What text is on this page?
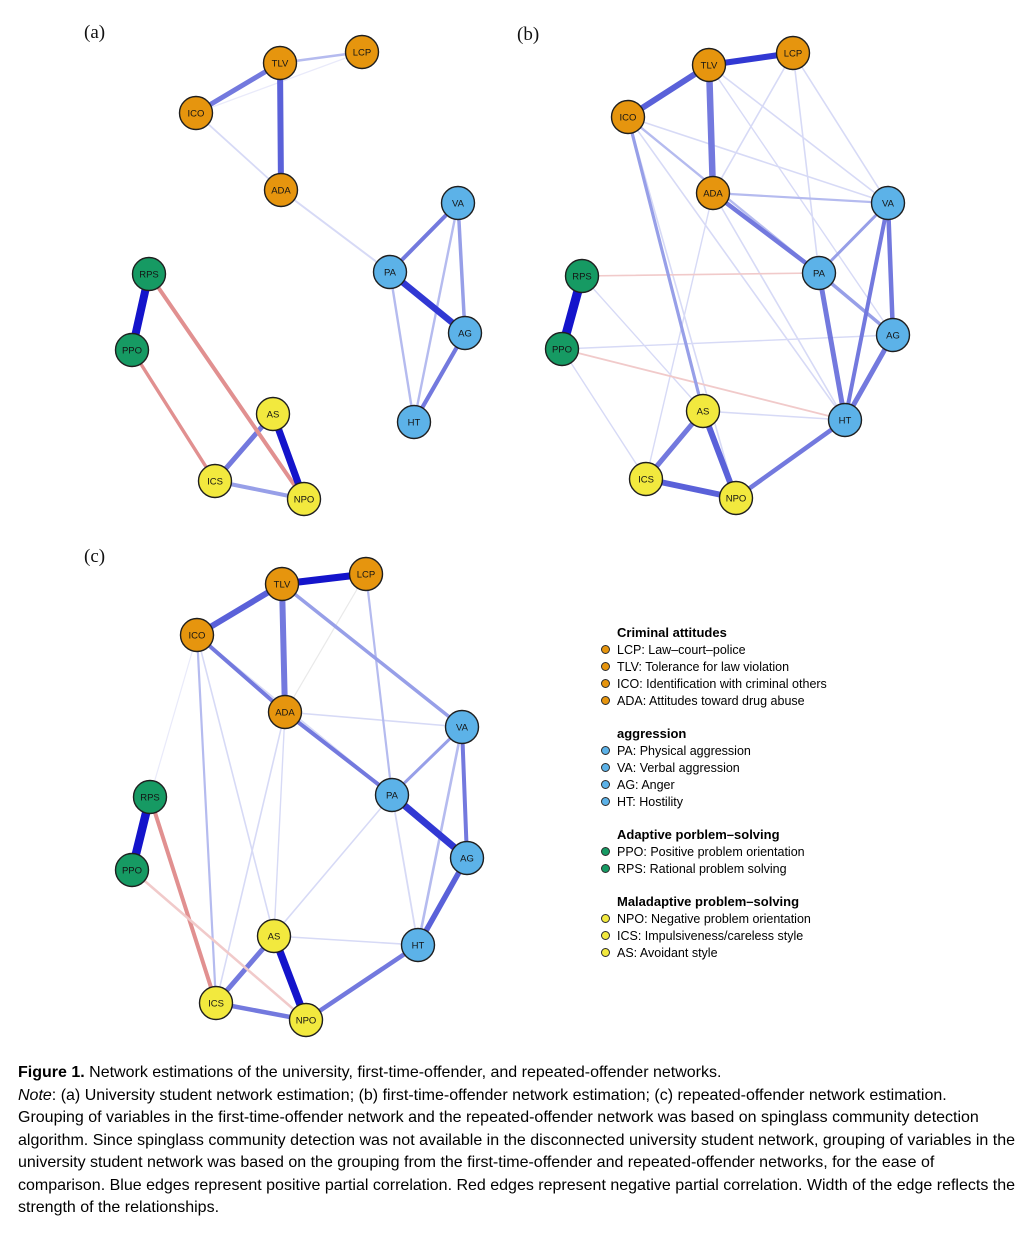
TLV
LCP
ICO
ADA
VA
PA
AG
HT
RPS
PPO
AS
ICS
NPO
TLV
LCP
ICO
ADA
VA
PA
AG
HT
RPS
PPO
AS
ICS
NPO
TLV
LCP
ICO
ADA
VA
PA
AG
HT
RPS
PPO
AS
ICS
NPO
(a)	(b)
(c)
Criminal attitudes
LCP: Law–court–police
TLV: Tolerance for law violation
ICO: Identification with criminal others
ADA: Attitudes toward drug abuse
aggression
PA: Physical aggression
VA: Verbal aggression
AG: Anger
HT: Hostility
Adaptive porblem–solving
PPO: Positive problem orientation
RPS: Rational problem solving
Maladaptive problem–solving
NPO: Negative problem orientation
ICS: Impulsiveness/careless style
AS: Avoidant style

Figure 1. Network estimations of the university, first-time-offender, and repeated-offender networks.

Note: (a) University student network estimation; (b) first-time-offender network estimation; (c) repeated-offender network estimation. Grouping of variables in the first-time-offender network and the repeated-offender network was based on spinglass community detection algorithm. Since spinglass community detection was not available in the disconnected university student network, grouping of variables in the university student network was based on the grouping from the first-time-offender and repeated-offender networks, for the ease of comparison. Blue edges represent positive partial correlation. Red edges represent negative partial correlation. Width of the edge reflects the strength of the relationships.
